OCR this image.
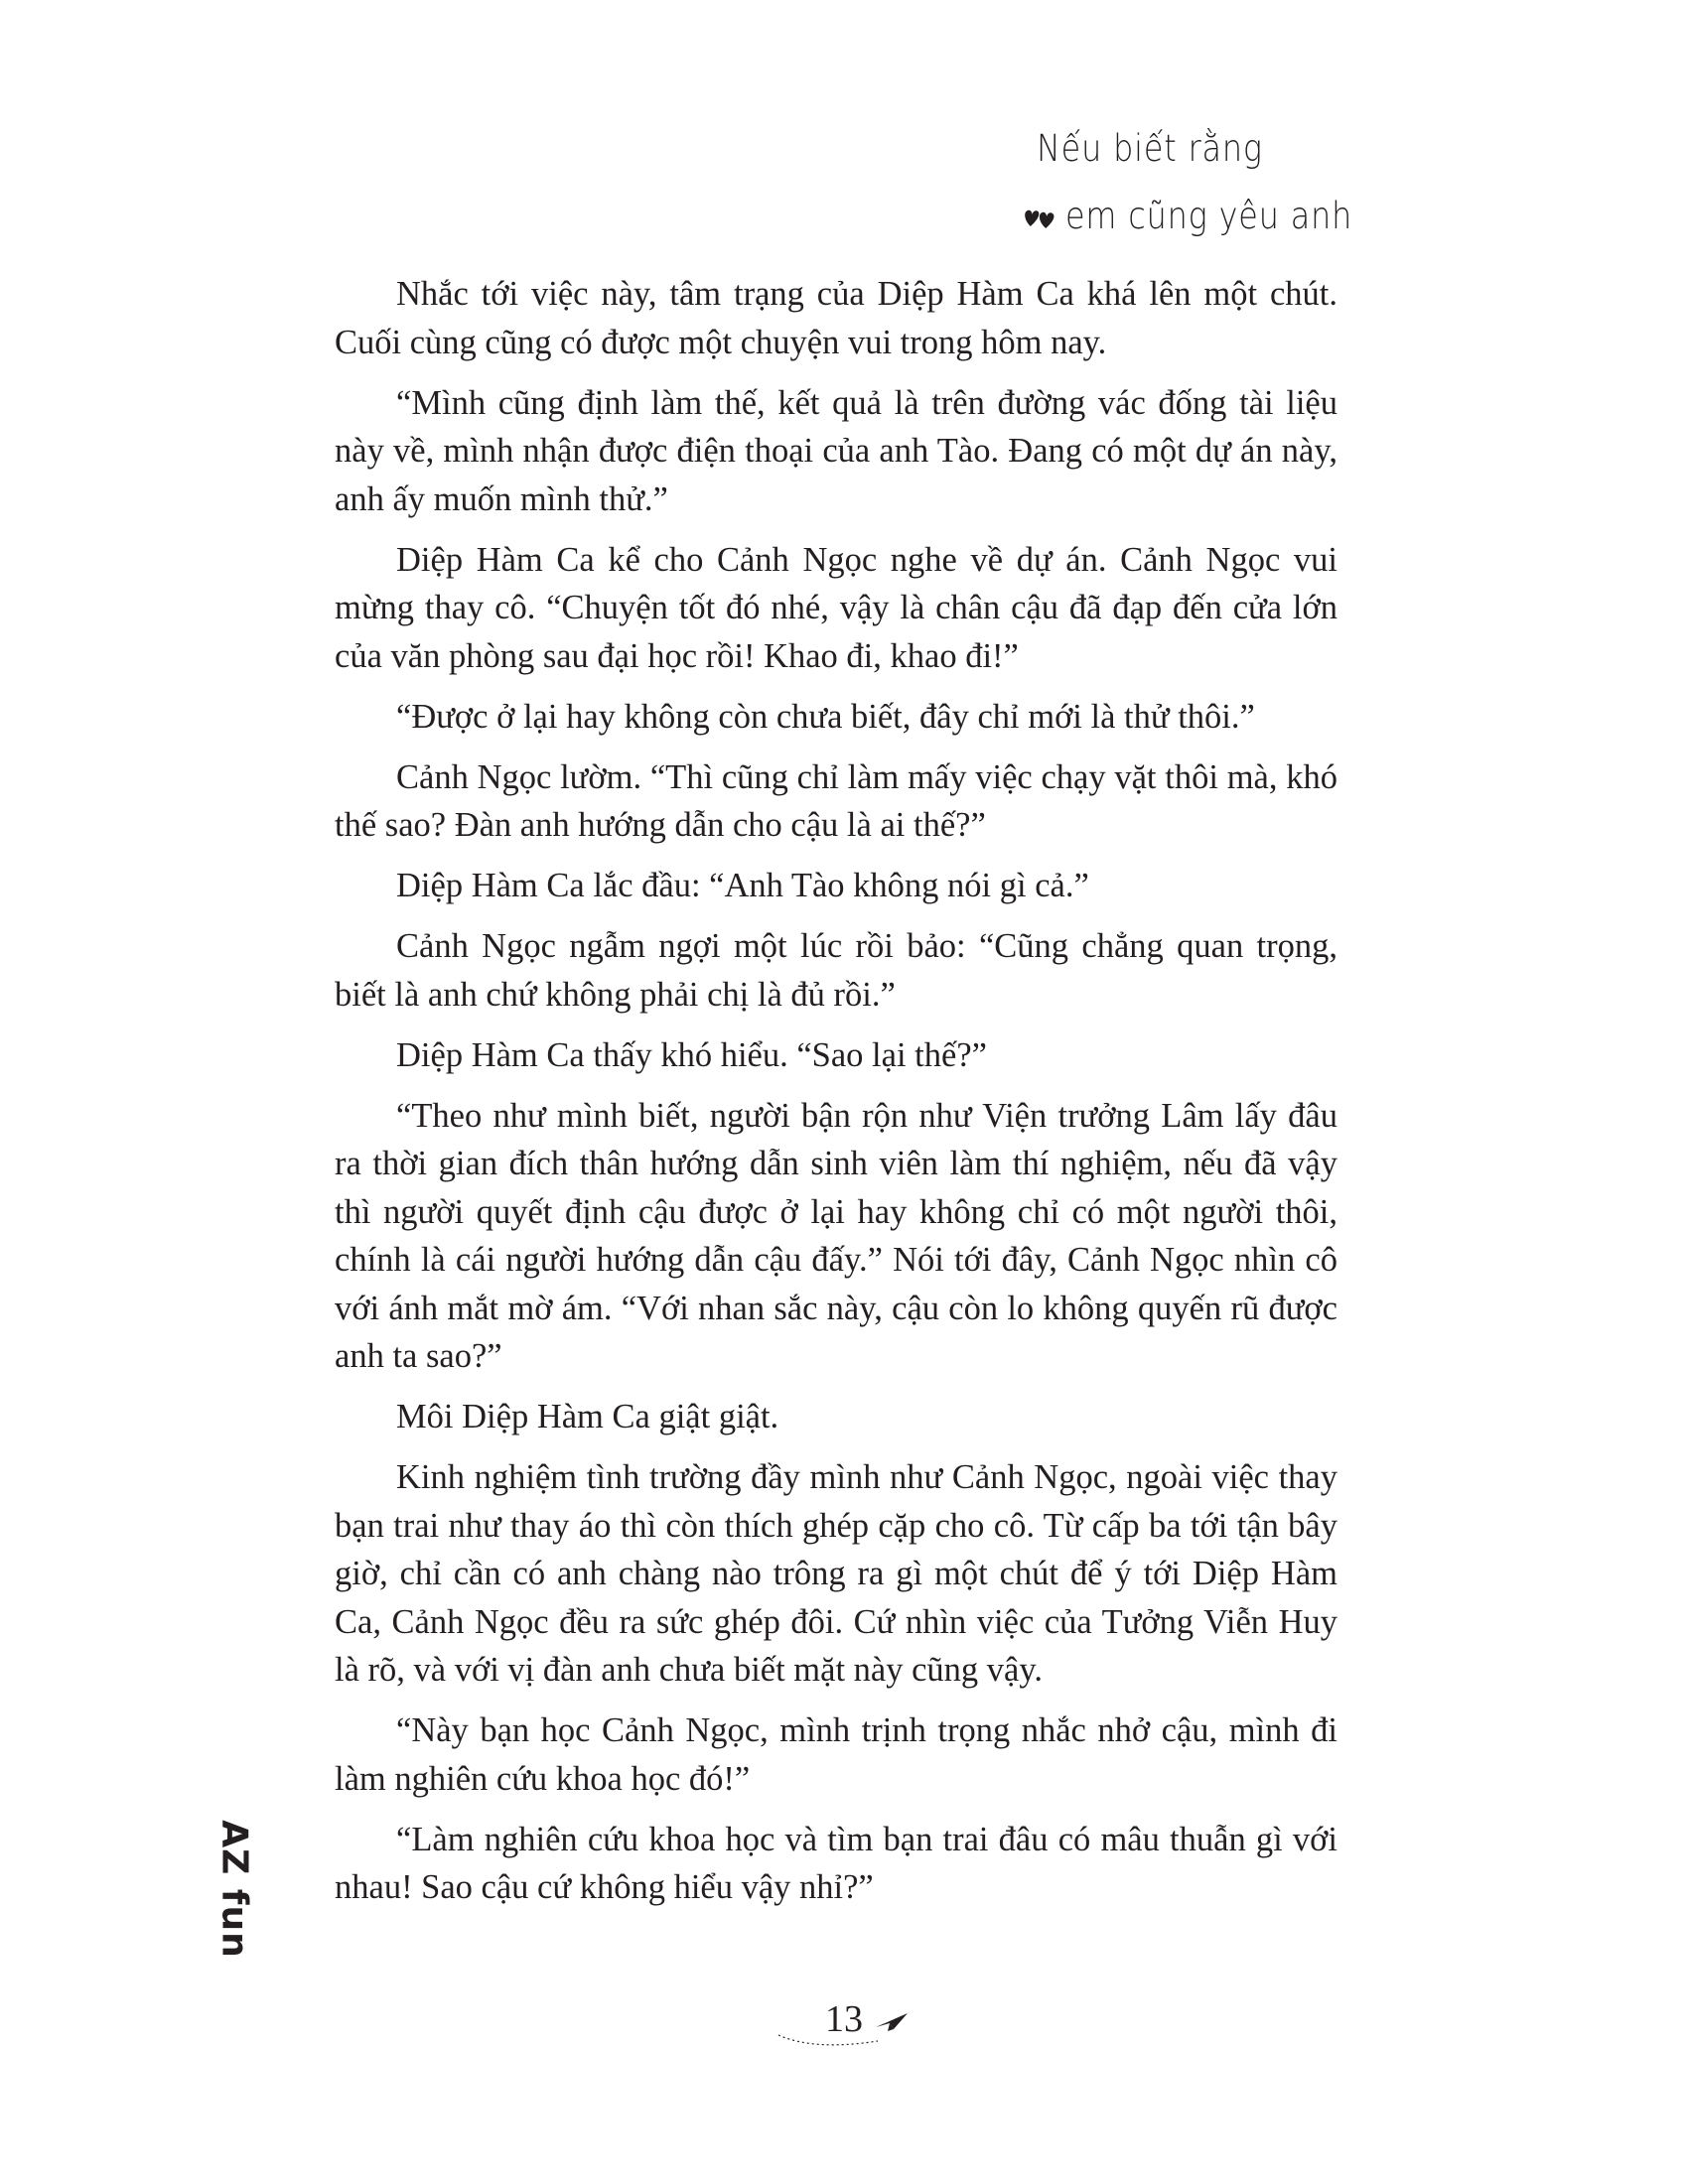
Nếu biết rằng
em cũng yêu anh

Nhắc tới việc này, tâm trạng của Diệp Hàm Ca khá lên một chút. Cuối cùng cũng có được một chuyện vui trong hôm nay.

“Mình cũng định làm thế, kết quả là trên đường vác đống tài liệu này về, mình nhận được điện thoại của anh Tào. Đang có một dự án này, anh ấy muốn mình thử.”

Diệp Hàm Ca kể cho Cảnh Ngọc nghe về dự án. Cảnh Ngọc vui mừng thay cô. “Chuyện tốt đó nhé, vậy là chân cậu đã đạp đến cửa lớn của văn phòng sau đại học rồi! Khao đi, khao đi!”

“Được ở lại hay không còn chưa biết, đây chỉ mới là thử thôi.”

Cảnh Ngọc lườm. “Thì cũng chỉ làm mấy việc chạy vặt thôi mà, khó thế sao? Đàn anh hướng dẫn cho cậu là ai thế?”

Diệp Hàm Ca lắc đầu: “Anh Tào không nói gì cả.”

Cảnh Ngọc ngẫm ngợi một lúc rồi bảo: “Cũng chẳng quan trọng, biết là anh chứ không phải chị là đủ rồi.”

Diệp Hàm Ca thấy khó hiểu. “Sao lại thế?”

“Theo như mình biết, người bận rộn như Viện trưởng Lâm lấy đâu ra thời gian đích thân hướng dẫn sinh viên làm thí nghiệm, nếu đã vậy thì người quyết định cậu được ở lại hay không chỉ có một người thôi, chính là cái người hướng dẫn cậu đấy.” Nói tới đây, Cảnh Ngọc nhìn cô với ánh mắt mờ ám. “Với nhan sắc này, cậu còn lo không quyến rũ được anh ta sao?”

Môi Diệp Hàm Ca giật giật.

Kinh nghiệm tình trường đầy mình như Cảnh Ngọc, ngoài việc thay bạn trai như thay áo thì còn thích ghép cặp cho cô. Từ cấp ba tới tận bây giờ, chỉ cần có anh chàng nào trông ra gì một chút để ý tới Diệp Hàm Ca, Cảnh Ngọc đều ra sức ghép đôi. Cứ nhìn việc của Tưởng Viễn Huy là rõ, và với vị đàn anh chưa biết mặt này cũng vậy.

“Này bạn học Cảnh Ngọc, mình trịnh trọng nhắc nhở cậu, mình đi làm nghiên cứu khoa học đó!”

“Làm nghiên cứu khoa học và tìm bạn trai đâu có mâu thuẫn gì với nhau! Sao cậu cứ không hiểu vậy nhỉ?”

AZ fun
13
